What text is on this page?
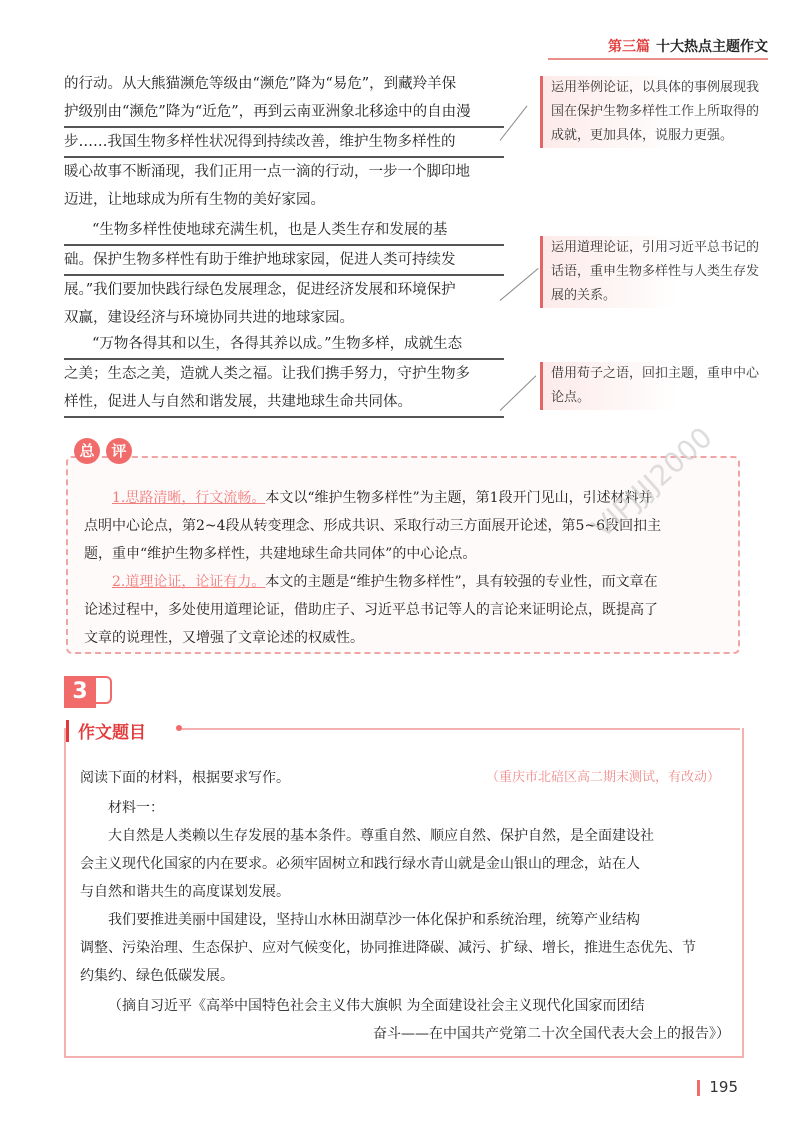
第三篇 十大热点主题作文
的行动。从大熊猫濒危等级由“濒危”降为“易危”，到藏羚羊保
护级别由“濒危”降为“近危”，再到云南亚洲象北移途中的自由漫
步……我国生物多样性状况得到持续改善，维护生物多样性的
暖心故事不断涌现，我们正用一点一滴的行动，一步一个脚印地
迈进，让地球成为所有生物的美好家园。
“生物多样性使地球充满生机，也是人类生存和发展的基
础。保护生物多样性有助于维护地球家园，促进人类可持续发
展。”我们要加快践行绿色发展理念，促进经济发展和环境保护
双赢，建设经济与环境协同共进的地球家园。
“万物各得其和以生，各得其养以成。”生物多样，成就生态
之美；生态之美，造就人类之福。让我们携手努力，守护生物多
样性，促进人与自然和谐发展，共建地球生命共同体。
运用举例论证，以具体的事例展现我国在保护生物多样性工作上所取得的成就，更加具体，说服力更强。
运用道理论证，引用习近平总书记的话语，重申生物多样性与人类生存发展的关系。
借用荀子之语，回扣主题，重申中心论点。
总	评
1.思路清晰，行文流畅。本文以“维护生物多样性”为主题，第1段开门见山，引述材料并
点明中心论点，第2~4段从转变理念、形成共识、采取行动三方面展开论述，第5~6段回扣主
题，重申“维护生物多样性，共建地球生命共同体”的中心论点。
2.道理论证，论证有力。本文的主题是“维护生物多样性”，具有较强的专业性，而文章在
论述过程中，多处使用道理论证，借助庄子、习近平总书记等人的言论来证明论点，既提高了
文章的说理性，又增强了文章论述的权威性。
VIPJJJJ2000
3
作文题目
阅读下面的材料，根据要求写作。	（重庆市北碚区高二期末测试，有改动）
材料一：
大自然是人类赖以生存发展的基本条件。尊重自然、顺应自然、保护自然，是全面建设社
会主义现代化国家的内在要求。必须牢固树立和践行绿水青山就是金山银山的理念，站在人
与自然和谐共生的高度谋划发展。
我们要推进美丽中国建设，坚持山水林田湖草沙一体化保护和系统治理，统筹产业结构
调整、污染治理、生态保护、应对气候变化，协同推进降碳、减污、扩绿、增长，推进生态优先、节
约集约、绿色低碳发展。
（摘自习近平《高举中国特色社会主义伟大旗帜 为全面建设社会主义现代化国家而团结
奋斗——在中国共产党第二十次全国代表大会上的报告》）
195
